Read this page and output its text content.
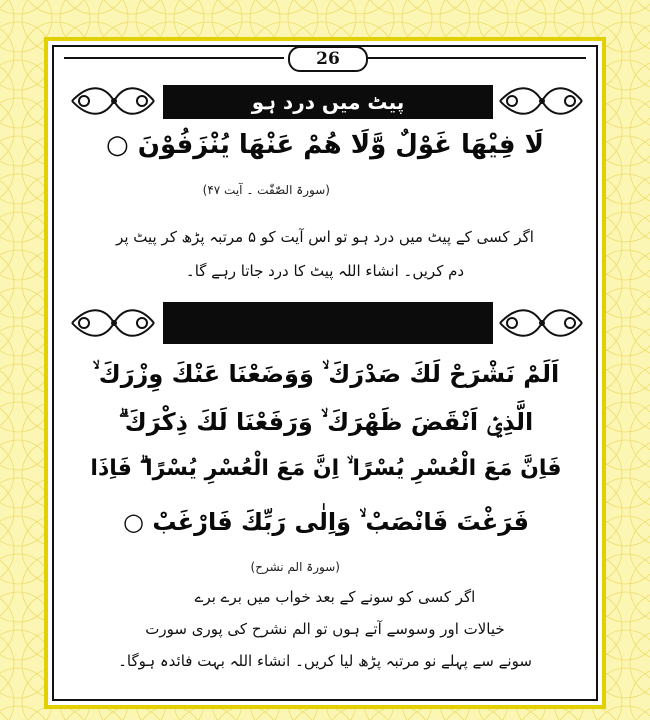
26
پیٹ میں درد ہو
لَا فِيْهَا غَوْلٌ وَّلَا هُمْ عَنْهَا يُنْزَفُوْنَ ○
(سورۃ الصّٰفّٰت ۔ آیت ۴۷)
اگر کسی کے پیٹ میں درد ہو تو اس آیت کو ۵ مرتبہ پڑھ کر پیٹ پر
دم کریں۔ انشاء اللہ پیٹ کا درد جاتا رہے گا۔
اَلَمْ نَشْرَحْ لَكَ صَدْرَكَ ۙ وَوَضَعْنَا عَنْكَ وِزْرَكَ ۙ
الَّذِيْۤ اَنْقَضَ ظَهْرَكَ ۙ وَرَفَعْنَا لَكَ ذِكْرَكَ ۗ
فَاِنَّ مَعَ الْعُسْرِ يُسْرًا ۙ اِنَّ مَعَ الْعُسْرِ يُسْرًا ۗ فَاِذَا
فَرَغْتَ فَانْصَبْ ۙ وَاِلٰى رَبِّكَ فَارْغَبْ ○
(سورۃ الم نشرح)
اگر کسی کو سونے کے بعد خواب میں برے برے
خیالات اور وسوسے آتے ہوں تو الم نشرح کی پوری سورت
سونے سے پہلے نو مرتبہ پڑھ لیا کریں۔ انشاء اللہ بہت فائدہ ہوگا۔
